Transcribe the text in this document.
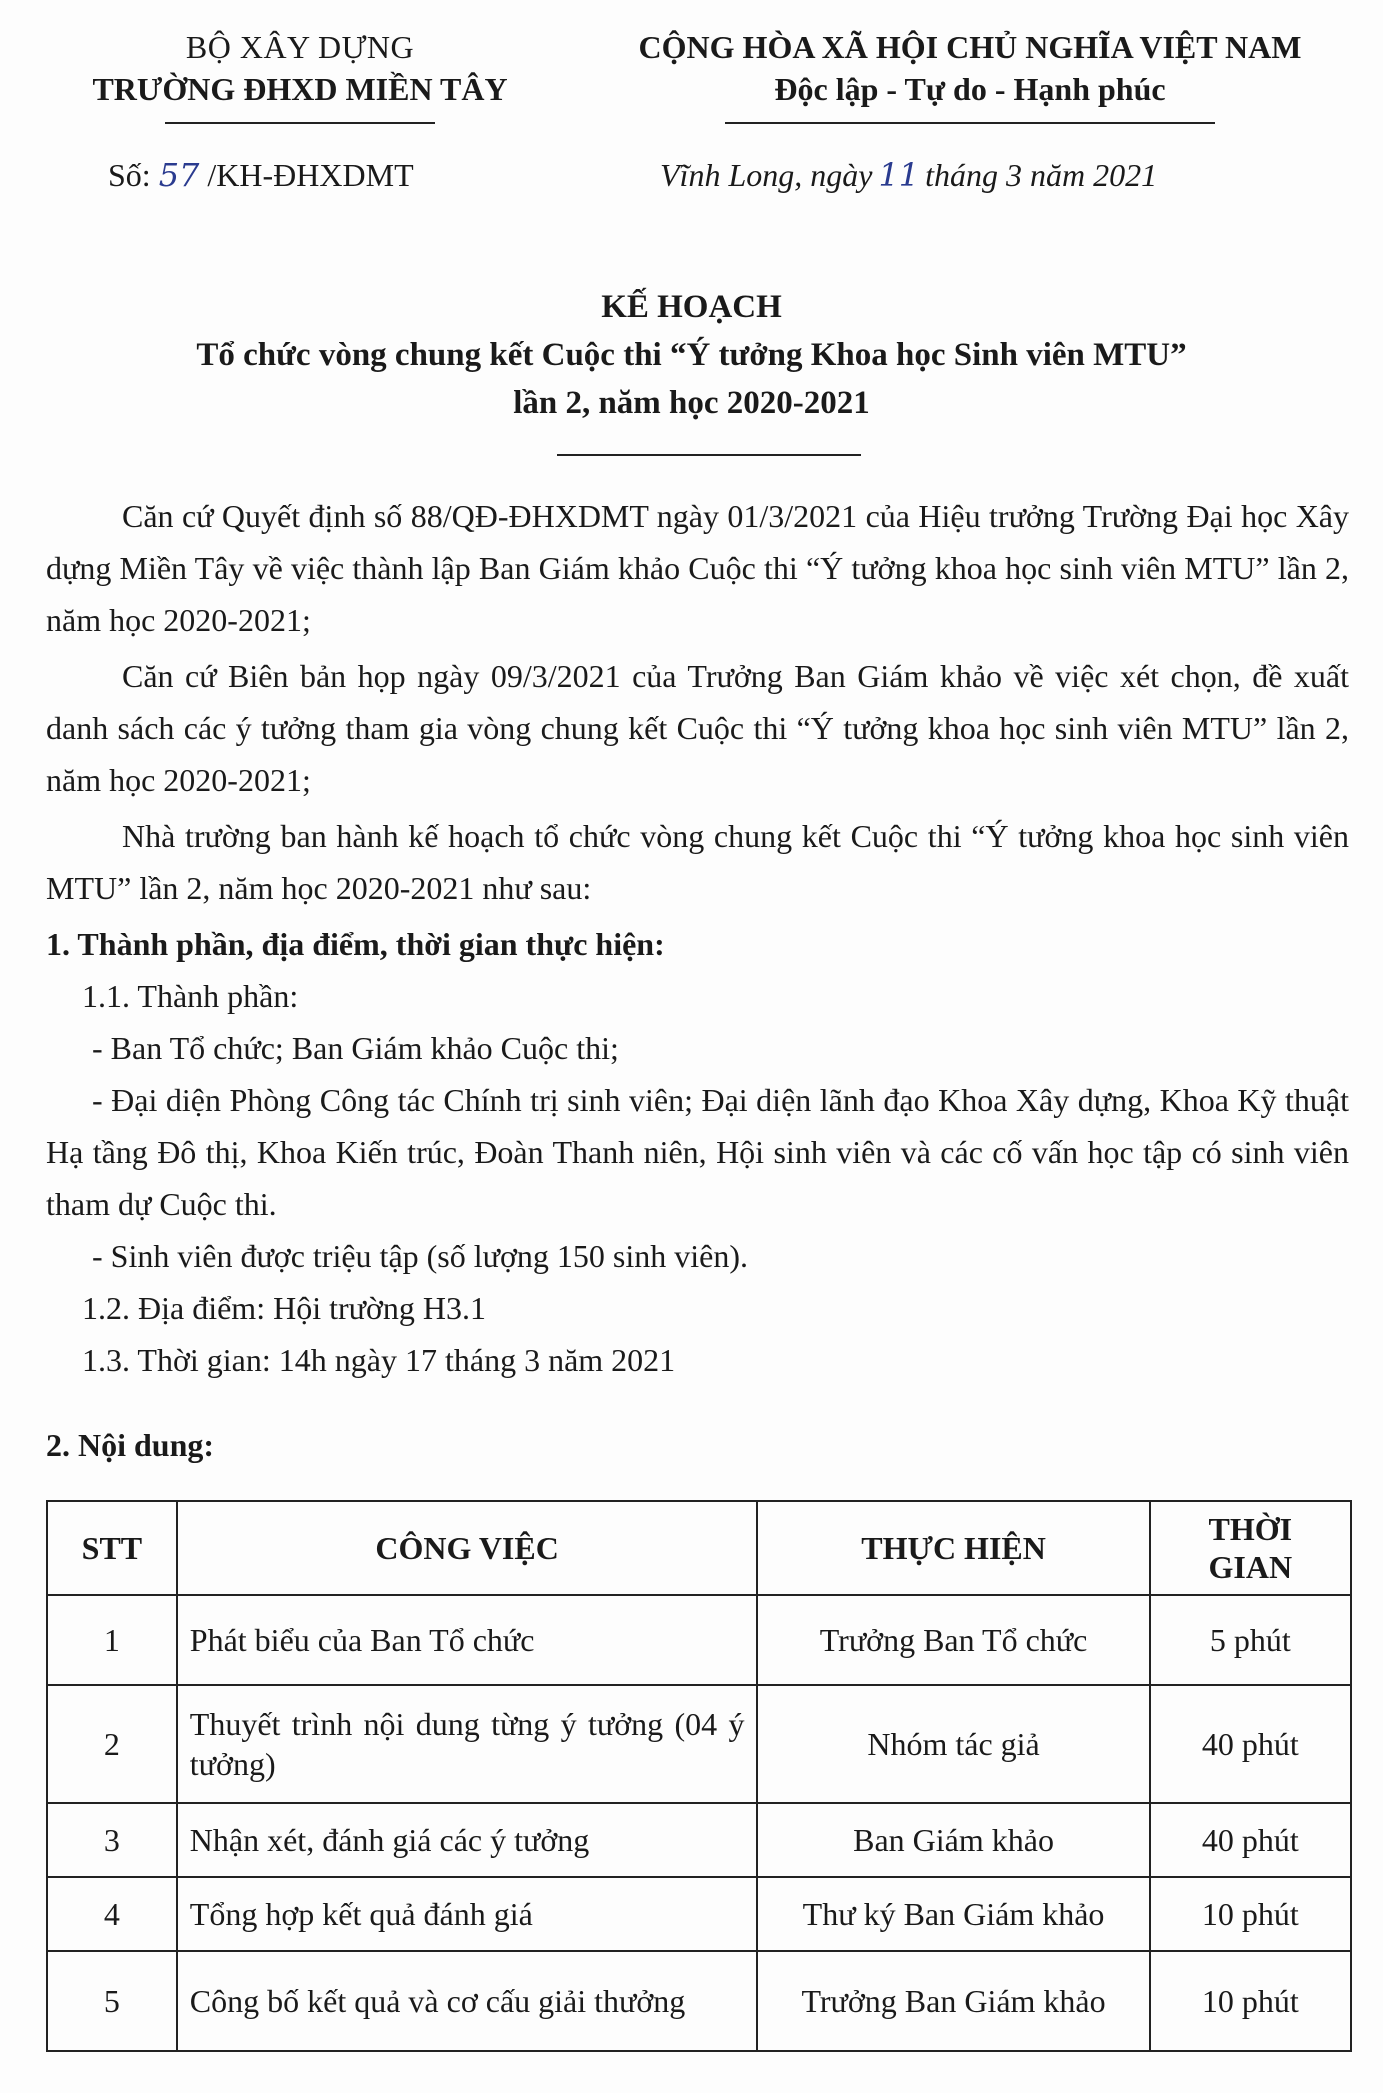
BỘ XÂY DỰNG
TRƯỜNG ĐHXD MIỀN TÂY
CỘNG HÒA XÃ HỘI CHỦ NGHĨA VIỆT NAM
Độc lập - Tự do - Hạnh phúc
Số: 57 /KH-ĐHXDMT	Vĩnh Long, ngày 11 tháng 3 năm 2021
KẾ HOẠCH
Tổ chức vòng chung kết Cuộc thi “Ý tưởng Khoa học Sinh viên MTU”
lần 2, năm học 2020-2021

Căn cứ Quyết định số 88/QĐ-ĐHXDMT ngày 01/3/2021 của Hiệu trưởng Trường Đại học Xây dựng Miền Tây về việc thành lập Ban Giám khảo Cuộc thi “Ý tưởng khoa học sinh viên MTU” lần 2, năm học 2020-2021;

Căn cứ Biên bản họp ngày 09/3/2021 của Trưởng Ban Giám khảo về việc xét chọn, đề xuất danh sách các ý tưởng tham gia vòng chung kết Cuộc thi “Ý tưởng khoa học sinh viên MTU” lần 2, năm học 2020-2021;

Nhà trường ban hành kế hoạch tổ chức vòng chung kết Cuộc thi “Ý tưởng khoa học sinh viên MTU” lần 2, năm học 2020-2021 như sau:

1. Thành phần, địa điểm, thời gian thực hiện:

1.1. Thành phần:

- Ban Tổ chức; Ban Giám khảo Cuộc thi;

- Đại diện Phòng Công tác Chính trị sinh viên; Đại diện lãnh đạo Khoa Xây dựng, Khoa Kỹ thuật Hạ tầng Đô thị, Khoa Kiến trúc, Đoàn Thanh niên, Hội sinh viên và các cố vấn học tập có sinh viên tham dự Cuộc thi.

- Sinh viên được triệu tập (số lượng 150 sinh viên).

1.2. Địa điểm: Hội trường H3.1

1.3. Thời gian: 14h ngày 17 tháng 3 năm 2021

2. Nội dung:
STT	CÔNG VIỆC	THỰC HIỆN	THỜI
GIAN

1	Phát biểu của Ban Tổ chức	Trưởng Ban Tổ chức	5 phút
2	Thuyết trình nội dung từng ý tưởng (04 ý tưởng)	Nhóm tác giả	40 phút
3	Nhận xét, đánh giá các ý tưởng	Ban Giám khảo	40 phút
4	Tổng hợp kết quả đánh giá	Thư ký Ban Giám khảo	10 phút
5	Công bố kết quả và cơ cấu giải thưởng	Trưởng Ban Giám khảo	10 phút
